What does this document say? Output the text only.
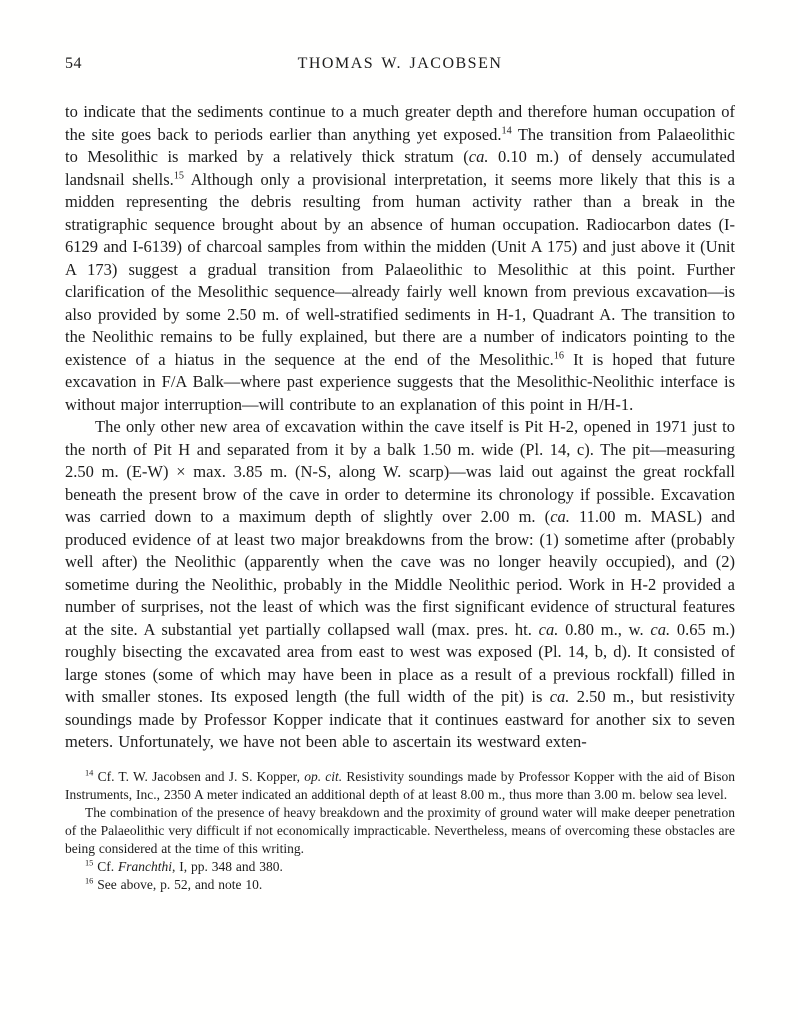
54	THOMAS W. JACOBSEN

to indicate that the sediments continue to a much greater depth and therefore human occupation of the site goes back to periods earlier than anything yet exposed.$^{14}$ The transition from Palaeolithic to Mesolithic is marked by a relatively thick stratum (ca. 0.10 m.) of densely accumulated landsnail shells.$^{15}$ Although only a provisional interpretation, it seems more likely that this is a midden representing the debris resulting from human activity rather than a break in the stratigraphic sequence brought about by an absence of human occupation. Radiocarbon dates (I-6129 and I-6139) of charcoal samples from within the midden (Unit A 175) and just above it (Unit A 173) suggest a gradual transition from Palaeolithic to Mesolithic at this point. Further clarification of the Mesolithic sequence—already fairly well known from previous excavation—is also provided by some 2.50 m. of well-stratified sediments in H-1, Quadrant A. The transition to the Neolithic remains to be fully explained, but there are a number of indicators pointing to the existence of a hiatus in the sequence at the end of the Mesolithic.$^{16}$ It is hoped that future excavation in F/A Balk—where past experience suggests that the Mesolithic-Neolithic interface is without major interruption—will contribute to an explanation of this point in H/H-1.

The only other new area of excavation within the cave itself is Pit H-2, opened in 1971 just to the north of Pit H and separated from it by a balk 1.50 m. wide (Pl. 14, c). The pit—measuring 2.50 m. (E-W) × max. 3.85 m. (N-S, along W. scarp)—was laid out against the great rockfall beneath the present brow of the cave in order to determine its chronology if possible. Excavation was carried down to a maximum depth of slightly over 2.00 m. (ca. 11.00 m. MASL) and produced evidence of at least two major breakdowns from the brow: (1) sometime after (probably well after) the Neolithic (apparently when the cave was no longer heavily occupied), and (2) sometime during the Neolithic, probably in the Middle Neolithic period. Work in H-2 provided a number of surprises, not the least of which was the first significant evidence of structural features at the site. A substantial yet partially collapsed wall (max. pres. ht. ca. 0.80 m., w. ca. 0.65 m.) roughly bisecting the excavated area from east to west was exposed (Pl. 14, b, d). It consisted of large stones (some of which may have been in place as a result of a previous rockfall) filled in with smaller stones. Its exposed length (the full width of the pit) is ca. 2.50 m., but resistivity soundings made by Professor Kopper indicate that it continues eastward for another six to seven meters. Unfortunately, we have not been able to ascertain its westward exten-

$^{14}$ Cf. T. W. Jacobsen and J. S. Kopper, op. cit. Resistivity soundings made by Professor Kopper with the aid of Bison Instruments, Inc., 2350 A meter indicated an additional depth of at least 8.00 m., thus more than 3.00 m. below sea level.

The combination of the presence of heavy breakdown and the proximity of ground water will make deeper penetration of the Palaeolithic very difficult if not economically impracticable. Nevertheless, means of overcoming these obstacles are being considered at the time of this writing.

$^{15}$ Cf. Franchthi, I, pp. 348 and 380.

$^{16}$ See above, p. 52, and note 10.
